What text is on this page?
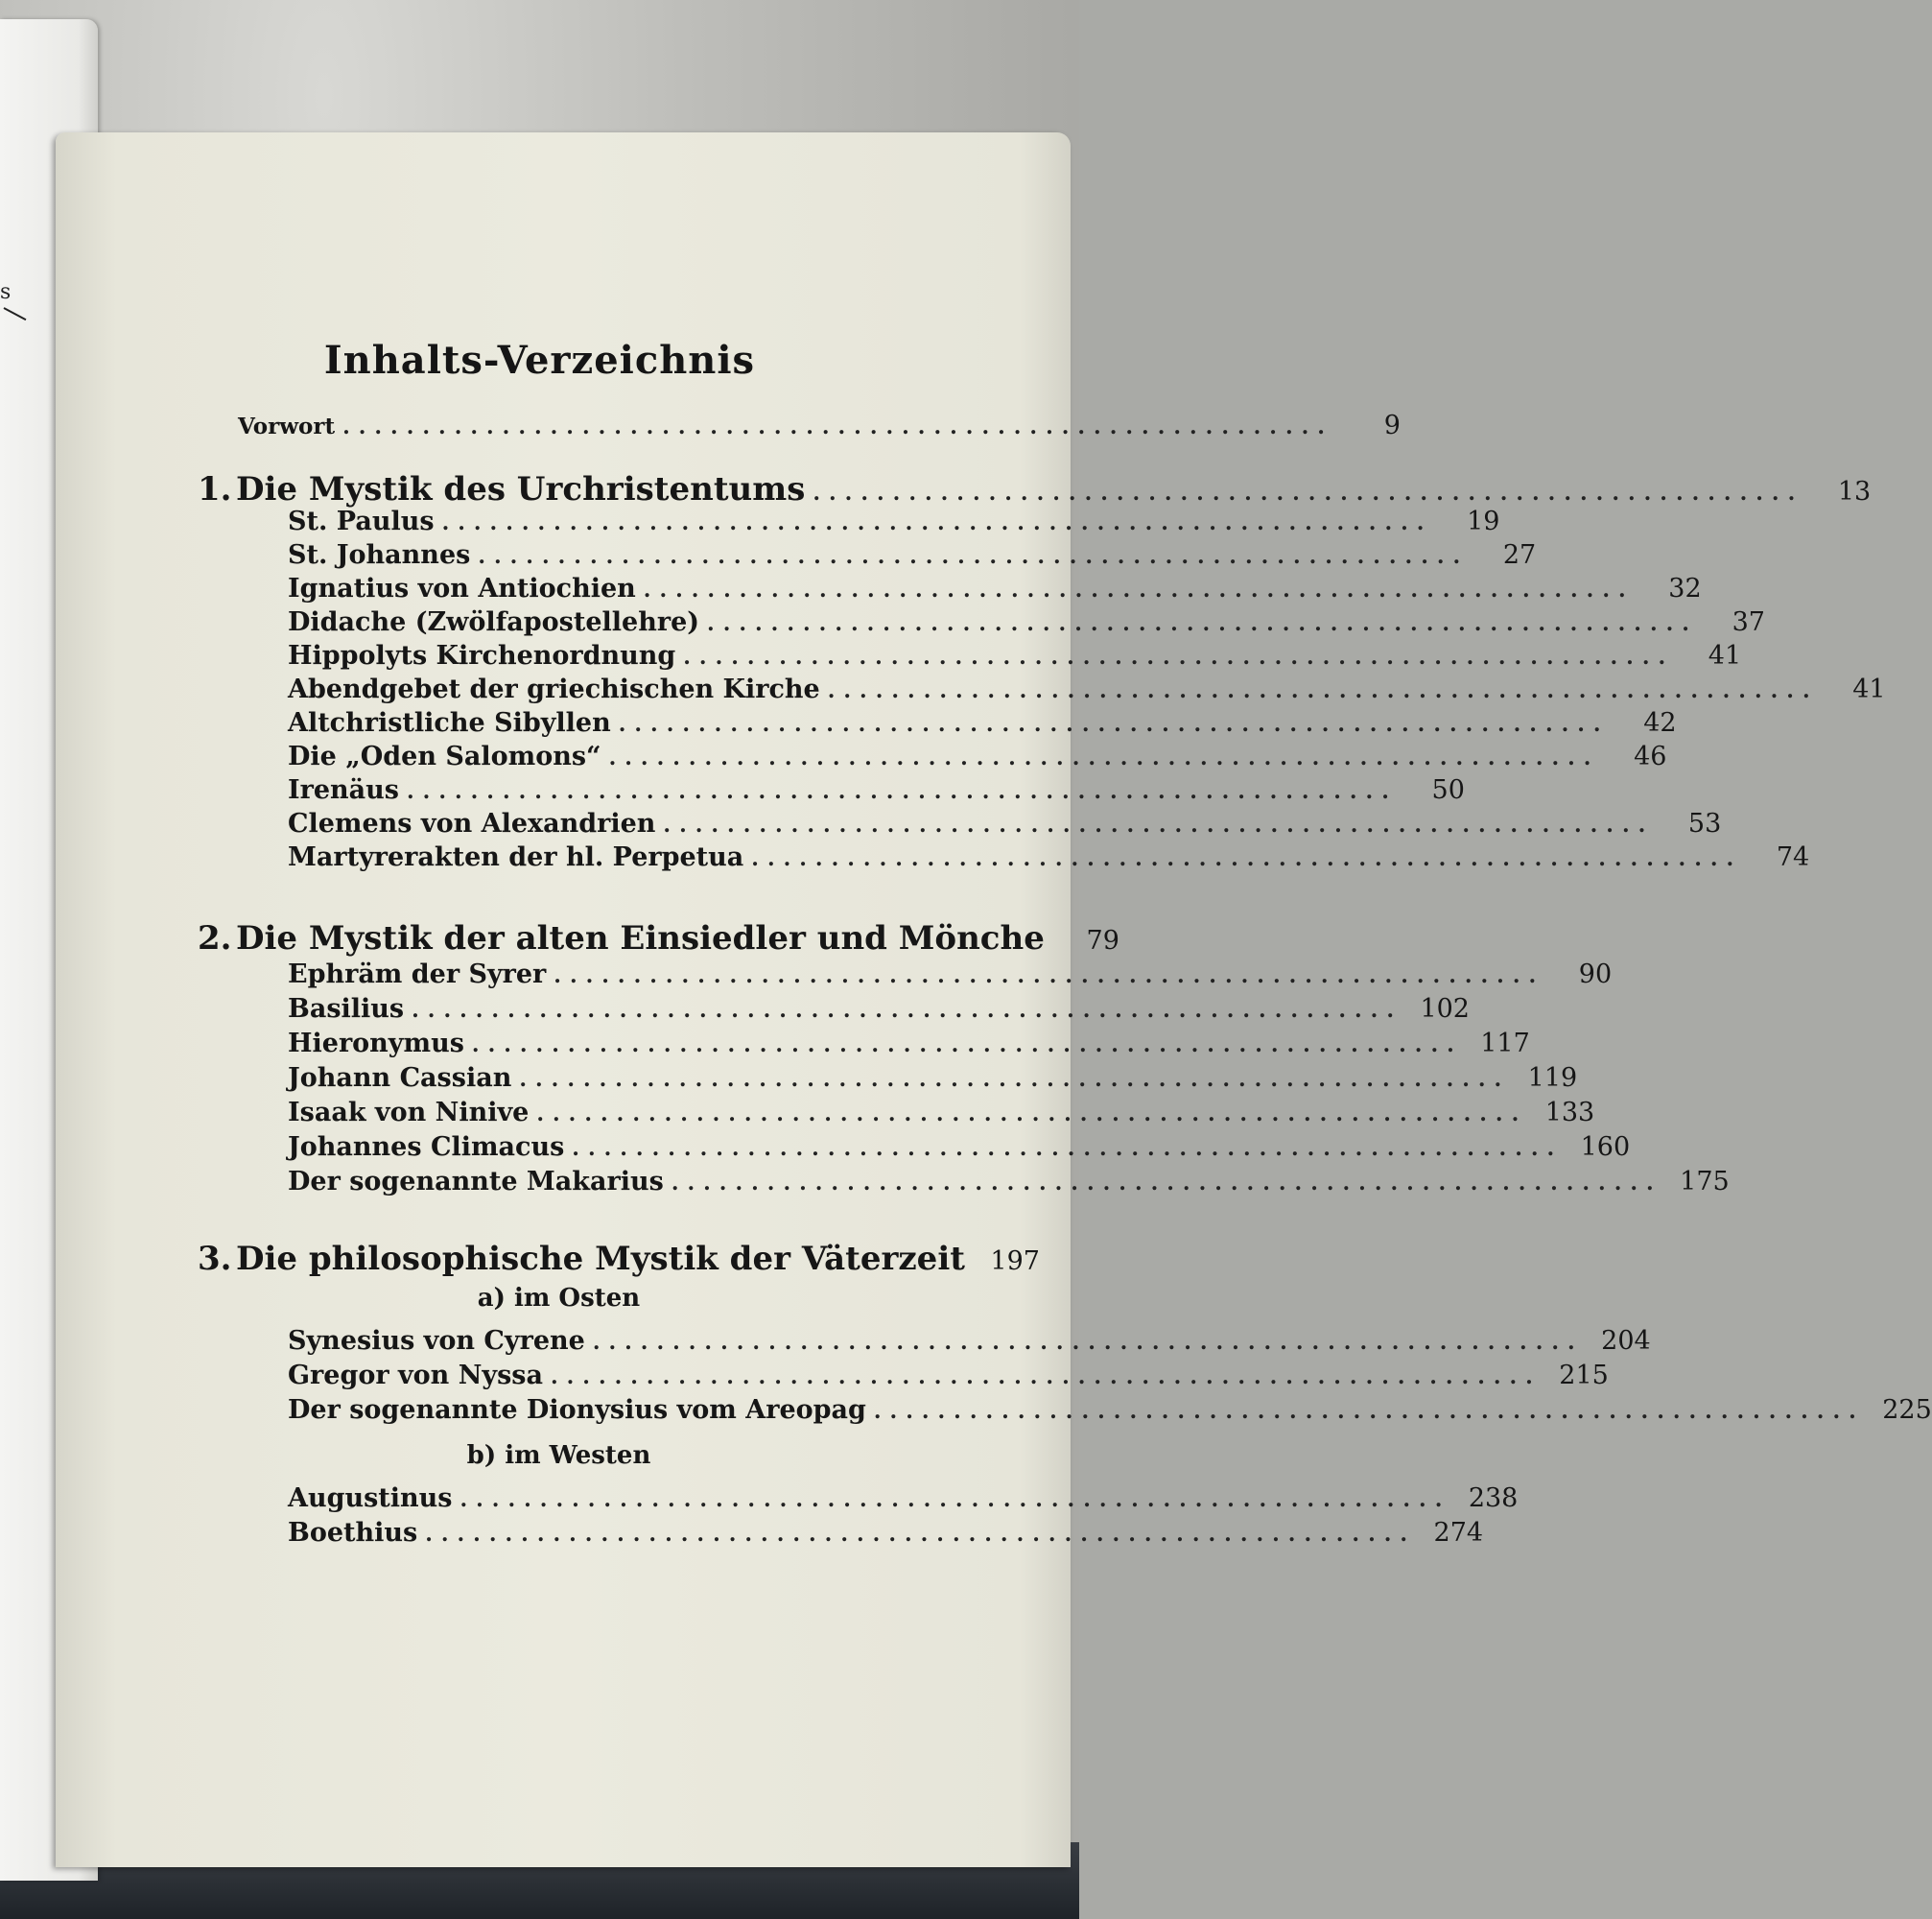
s
Inhalts-Verzeichnis
Vorwort ..............................................................	9
1. Die Mystik des Urchristentums ..............................................................	13
St. Paulus ..............................................................	19
St. Johannes ..............................................................	27
Ignatius von Antiochien ..............................................................	32
Didache (Zwölfapostellehre) ..............................................................	37
Hippolyts Kirchenordnung ..............................................................	41
Abendgebet der griechischen Kirche ..............................................................	41
Altchristliche Sibyllen ..............................................................	42
Die „Oden Salomons“ ..............................................................	46
Irenäus ..............................................................	50
Clemens von Alexandrien ..............................................................	53
Martyrerakten der hl. Perpetua ..............................................................	74
2. Die Mystik der alten Einsiedler und Mönche	79
Ephräm der Syrer ..............................................................	90
Basilius .............................................................. 102
Hieronymus .............................................................. 117
Johann Cassian .............................................................. 119
Isaak von Ninive .............................................................. 133
Johannes Climacus .............................................................. 160
Der sogenannte Makarius .............................................................. 175
3. Die philosophische Mystik der Väterzeit 197
a) im Osten
Synesius von Cyrene .............................................................. 204
Gregor von Nyssa .............................................................. 215
Der sogenannte Dionysius vom Areopag .............................................................. 225
b) im Westen
Augustinus .............................................................. 238
Boethius .............................................................. 274
